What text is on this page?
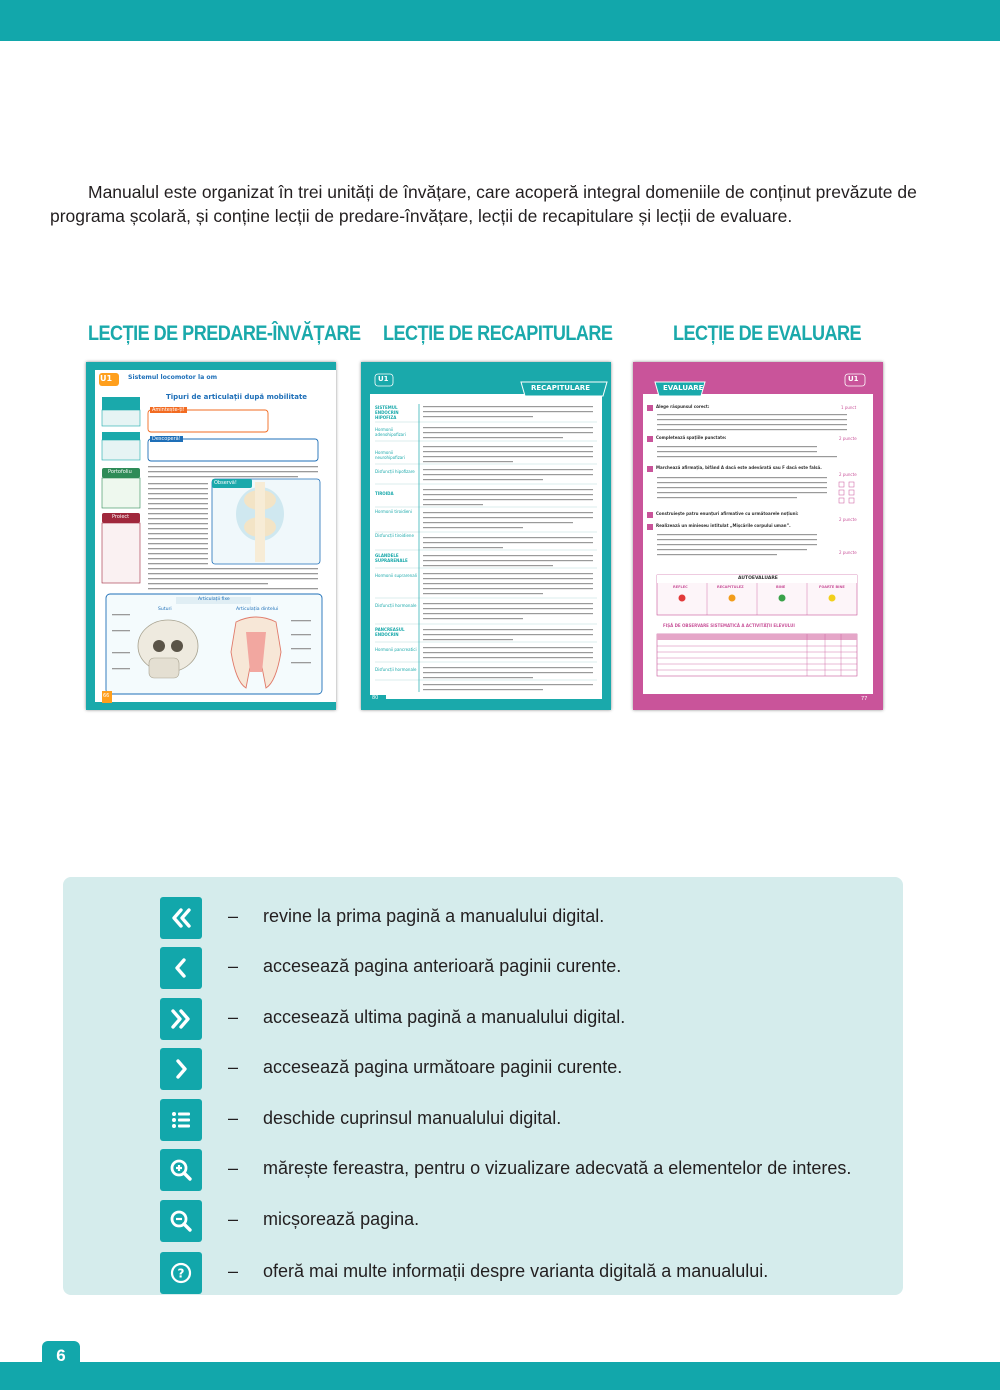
Manualul este organizat în trei unități de învățare, care acoperă integral domeniile de conținut prevăzute de programa școlară, și conține lecții de predare-învățare, lecții de recapitulare și lecții de evaluare.
LECȚIE DE PREDARE-ÎNVĂȚARE LECȚIE DE RECAPITULARE	LECȚIE DE EVALUARE
U1	Sistemul locomotor la om
Tipuri de articulații după mobilitate
Amintește-ți!
Descoperă!
Observă!
Portofoliu
Proiect
Articulații fixe
Suturi	Articulația dintelui
66
U1
RECAPITULARE
SISTEMUL ENDOCRIN HIPOFIZA
Hormonii adenohipofizari
Hormonii neurohipofizari
Disfuncții hipofizare
TIROIDA
Hormonii tiroidieni
Disfuncții tiroidiene
GLANDELE SUPRARENALE
Hormonii suprarenali
Disfuncții hormonale
PANCREASUL ENDOCRIN
Hormonii pancreatici
Disfuncții hormonale
80
EVALUARE
U1
Alege răspunsul corect:
Completează spațiile punctate:
Marchează afirmația, bifând A dacă este adevărată sau F dacă este falsă.
Construiește patru enunțuri afirmative cu următoarele noțiuni:
Realizează un minieseu intitulat „Mișcările corpului uman”.
1 punct
2 puncte
2 puncte
2 puncte
2 puncte
AUTOEVALUARE
REFLEC	RECAPITULEZ	BINE	FOARTE BINE
FIȘĂ DE OBSERVARE SISTEMATICĂ A ACTIVITĂȚII ELEVULUI
77
– revine la prima pagină a manualului digital.
– accesează pagina anterioară paginii curente.
– accesează ultima pagină a manualului digital.
– accesează pagina următoare paginii curente.
– deschide cuprinsul manualului digital.
– mărește fereastra, pentru o vizualizare adecvată a elementelor de interes.
– micșorează pagina.
? – oferă mai multe informații despre varianta digitală a manualului.
6
